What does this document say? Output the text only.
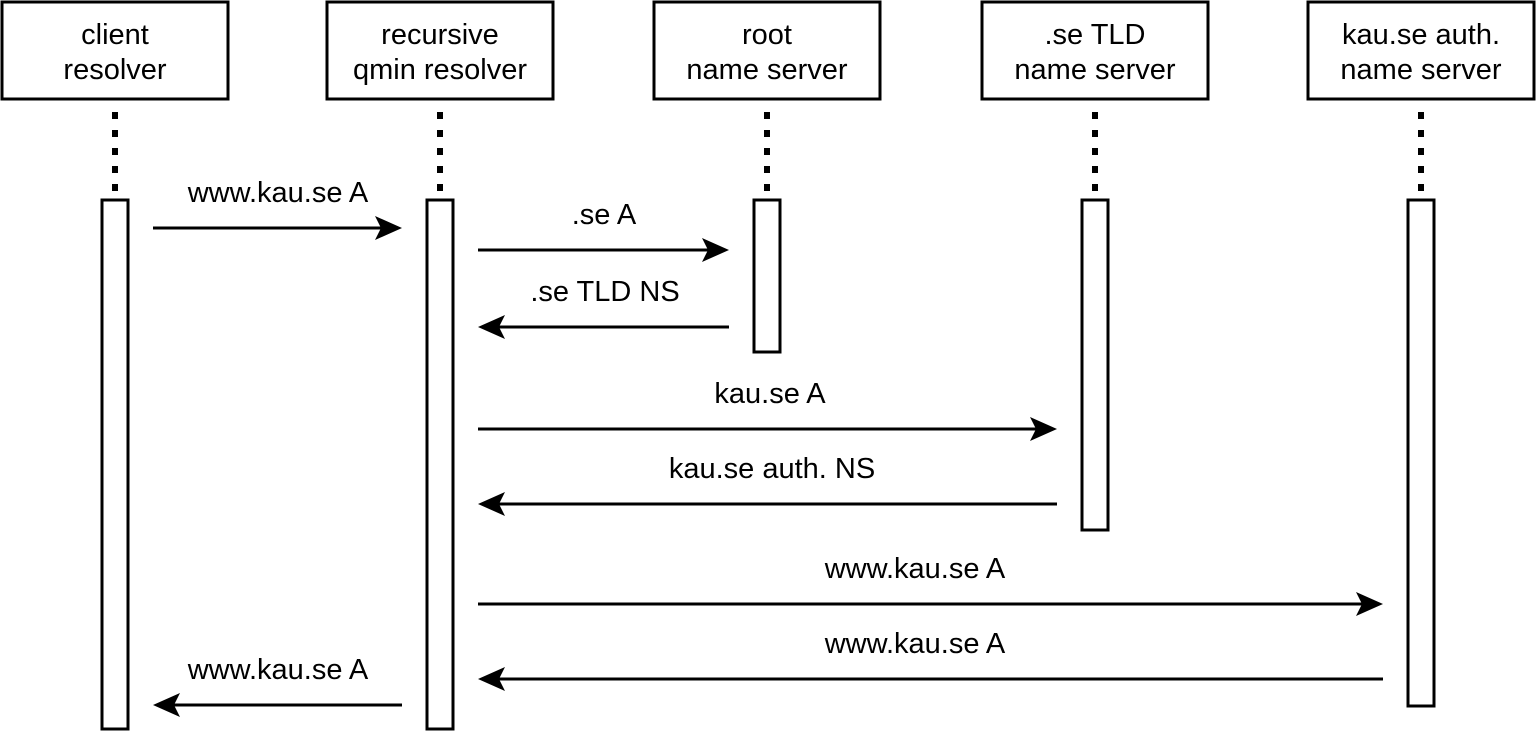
client resolver
recursive qmin resolver
root name server
.se TLD name server
kau.se auth. name server
www.kau.se A
.se A
.se TLD NS
kau.se A
kau.se auth. NS
www.kau.se A
www.kau.se A
www.kau.se A
